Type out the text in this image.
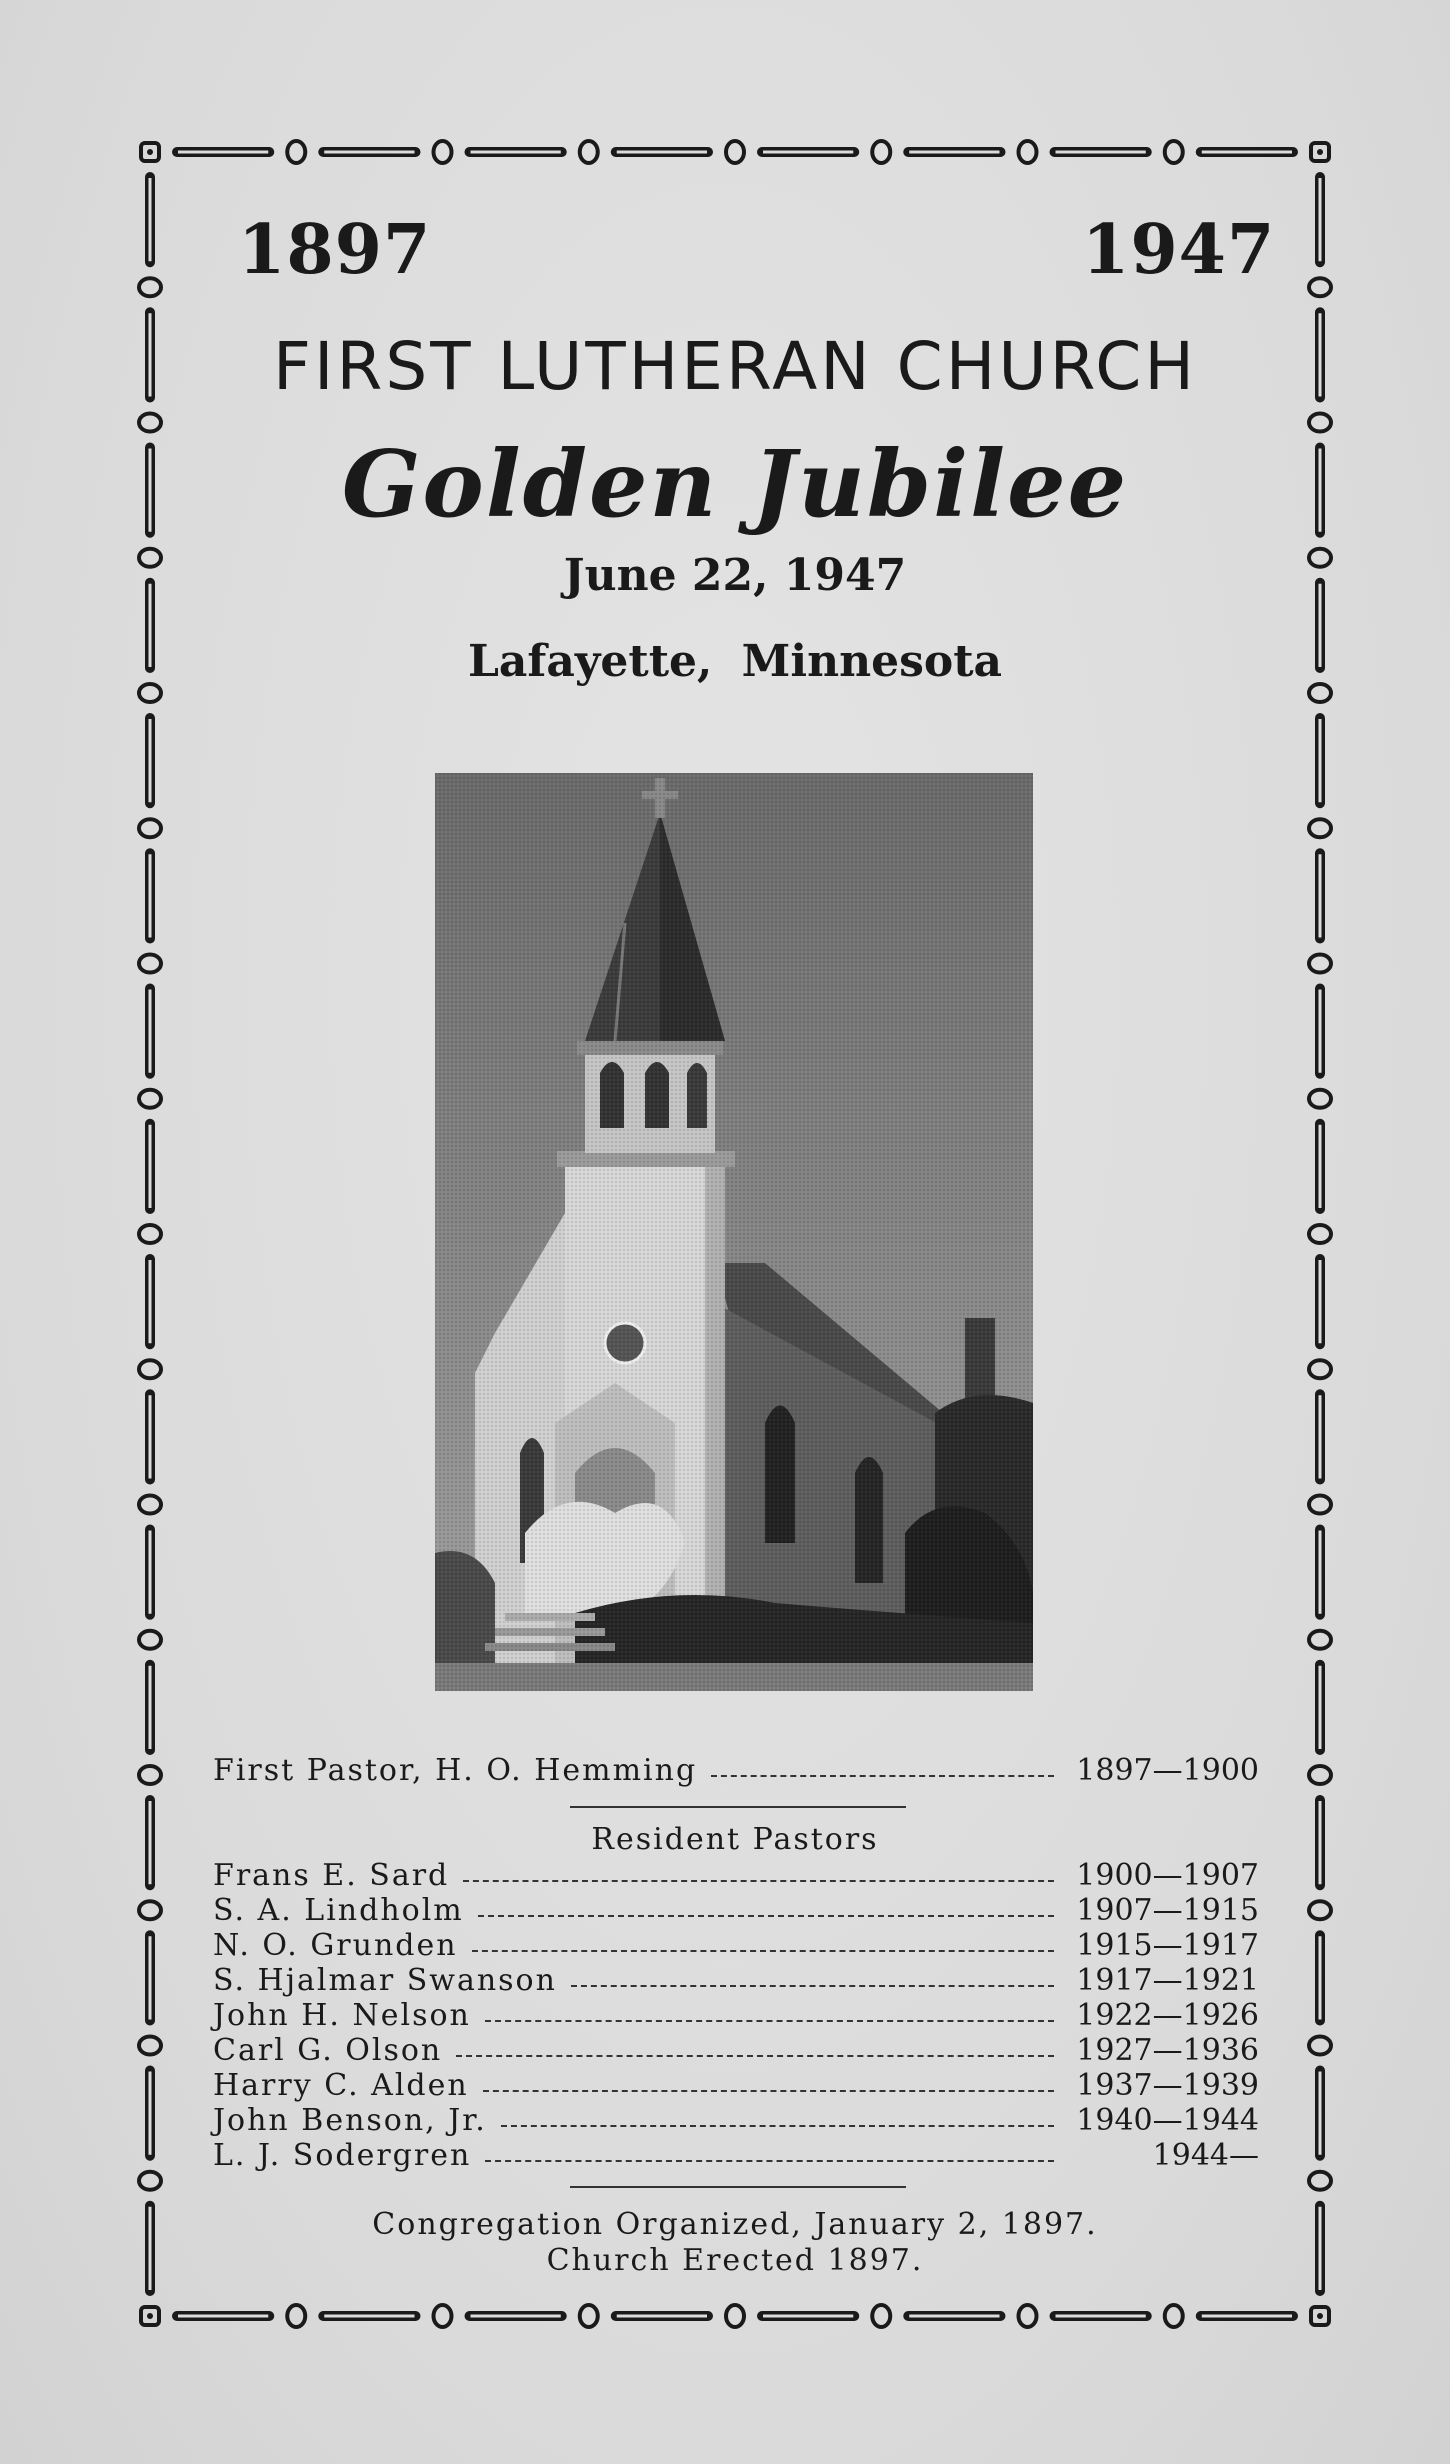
1897	1947
FIRST LUTHERAN CHURCH
Golden Jubilee
June 22, 1947
Lafayette, Minnesota
First Pastor, H. O. Hemming	1897—1900
Resident Pastors
Frans E. Sard	1900—1907
S. A. Lindholm	1907—1915
N. O. Grunden	1915—1917
S. Hjalmar Swanson	1917—1921
John H. Nelson	1922—1926
Carl G. Olson	1927—1936
Harry C. Alden	1937—1939
John Benson, Jr.	1940—1944
L. J. Sodergren	1944—
Congregation Organized, January 2, 1897.
Church Erected 1897.
